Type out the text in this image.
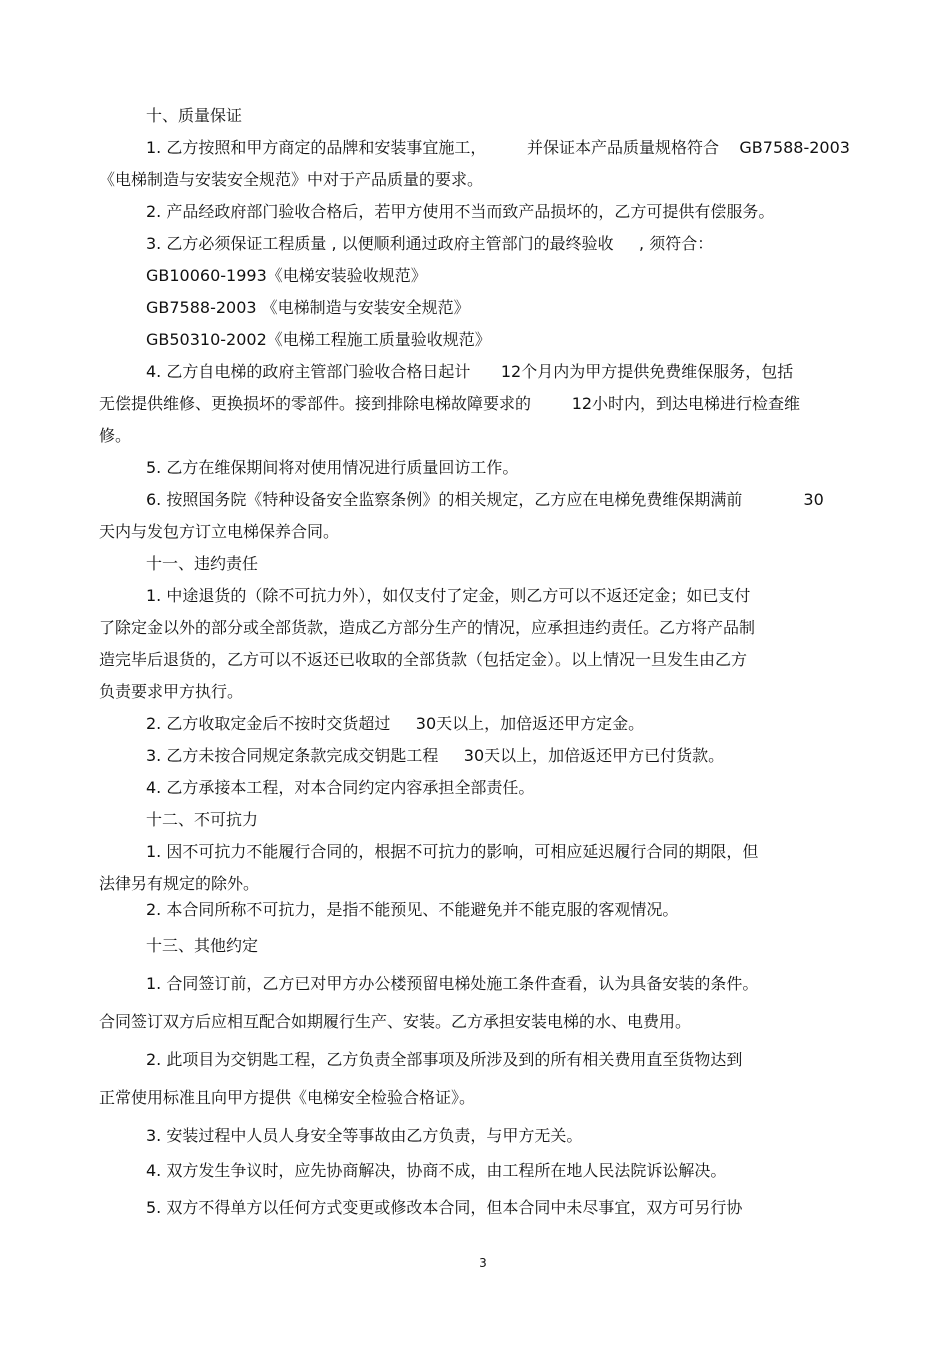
十、质量保证
1. 乙方按照和甲方商定的品牌和安装事宜施工，        并保证本产品质量规格符合    GB7588-2003
《电梯制造与安装安全规范》中对于产品质量的要求。
2. 产品经政府部门验收合格后，若甲方使用不当而致产品损坏的，乙方可提供有偿服务。
3. 乙方必须保证工程质量 , 以便顺利通过政府主管部门的最终验收     , 须符合：
GB10060-1993《电梯安装验收规范》
GB7588-2003 《电梯制造与安装安全规范》
GB50310-2002《电梯工程施工质量验收规范》
4. 乙方自电梯的政府主管部门验收合格日起计      12个月内为甲方提供免费维保服务，包括
无偿提供维修、更换损坏的零部件。接到排除电梯故障要求的        12小时内，到达电梯进行检查维
修。
5. 乙方在维保期间将对使用情况进行质量回访工作。
6. 按照国务院《特种设备安全监察条例》的相关规定，乙方应在电梯免费维保期满前            30
天内与发包方订立电梯保养合同。
十一、违约责任
1. 中途退货的（除不可抗力外），如仅支付了定金，则乙方可以不返还定金；如已支付
了除定金以外的部分或全部货款，造成乙方部分生产的情况，应承担违约责任。乙方将产品制
造完毕后退货的，乙方可以不返还已收取的全部货款（包括定金）。以上情况一旦发生由乙方
负责要求甲方执行。
2. 乙方收取定金后不按时交货超过     30天以上，加倍返还甲方定金。
3. 乙方未按合同规定条款完成交钥匙工程     30天以上，加倍返还甲方已付货款。
4. 乙方承接本工程，对本合同约定内容承担全部责任。
十二、不可抗力
1. 因不可抗力不能履行合同的，根据不可抗力的影响，可相应延迟履行合同的期限，但
法律另有规定的除外。
2. 本合同所称不可抗力，是指不能预见、不能避免并不能克服的客观情况。
十三、其他约定
1. 合同签订前，乙方已对甲方办公楼预留电梯处施工条件查看，认为具备安装的条件。
合同签订双方后应相互配合如期履行生产、安装。乙方承担安装电梯的水、电费用。
2. 此项目为交钥匙工程，乙方负责全部事项及所涉及到的所有相关费用直至货物达到
正常使用标准且向甲方提供《电梯安全检验合格证》。
3. 安装过程中人员人身安全等事故由乙方负责，与甲方无关。
4. 双方发生争议时，应先协商解决，协商不成，由工程所在地人民法院诉讼解决。
5. 双方不得单方以任何方式变更或修改本合同，但本合同中未尽事宜，双方可另行协
3
